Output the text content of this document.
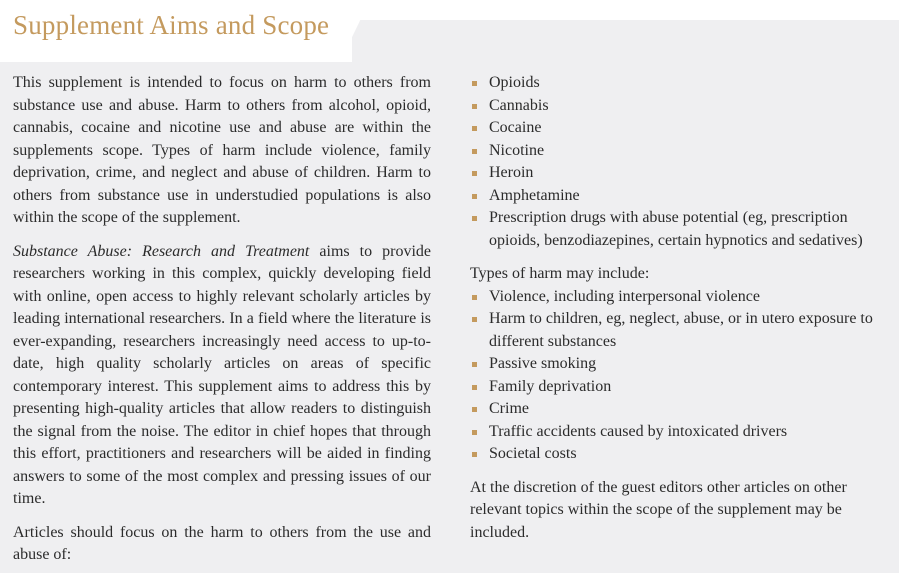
Supplement Aims and Scope

This supplement is intended to focus on harm to others from substance use and abuse. Harm to others from alcohol, opioid, cannabis, cocaine and nicotine use and abuse are within the supplements scope. Types of harm include violence, family deprivation, crime, and neglect and abuse of children. Harm to others from substance use in understudied populations is also within the scope of the supplement.

Substance Abuse: Research and Treatment aims to provide researchers working in this complex, quickly developing field with online, open access to highly relevant scholarly articles by leading international researchers. In a field where the literature is ever-expanding, researchers increasingly need access to up-to-date, high quality scholarly articles on areas of specific contemporary interest. This supplement aims to address this by presenting high-quality articles that allow readers to distinguish the signal from the noise. The editor in chief hopes that through this effort, practitioners and researchers will be aided in finding answers to some of the most complex and pressing issues of our time.

Articles should focus on the harm to others from the use and abuse of:

Opioids
Cannabis
Cocaine
Nicotine
Heroin
Amphetamine
Prescription drugs with abuse potential (eg, prescription opioids, benzodiazepines, certain hypnotics and sedatives)

Types of harm may include:

Violence, including interpersonal violence
Harm to children, eg, neglect, abuse, or in utero exposure to different substances
Passive smoking
Family deprivation
Crime
Traffic accidents caused by intoxicated drivers
Societal costs

At the discretion of the guest editors other articles on other relevant topics within the scope of the supplement may be included.
